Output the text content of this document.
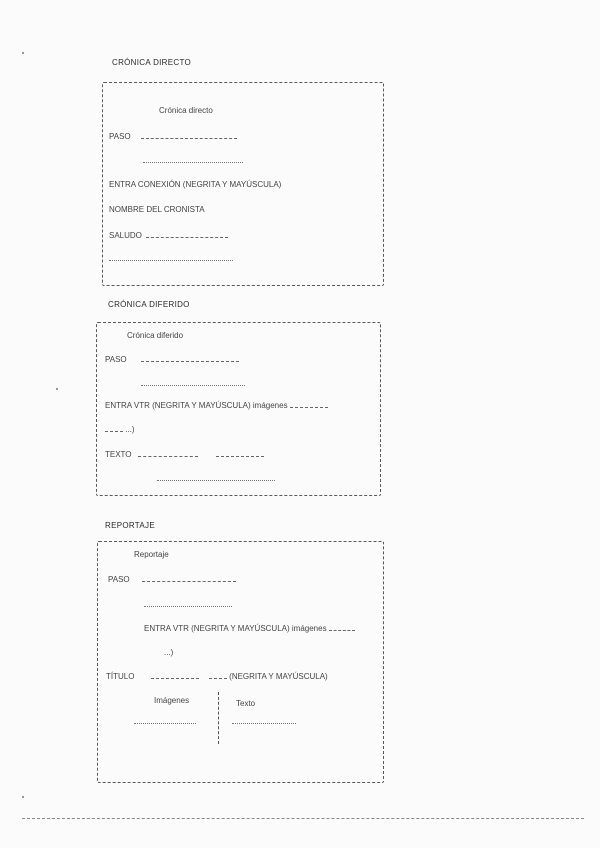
CRÓNICA DIRECTO
Crónica directo
PASO
ENTRA CONEXIÓN (NEGRITA Y MAYÚSCULA)
NOMBRE DEL CRONISTA
SALUDO
CRÓNICA DIFERIDO
Crónica diferido
PASO
ENTRA VTR (NEGRITA Y MAYÚSCULA) imágenes
...)
TEXTO
REPORTAJE
Reportaje
PASO
ENTRA VTR (NEGRITA Y MAYÚSCULA) imágenes
...)
TÍTULO	(NEGRITA Y MAYÚSCULA)
Imágenes	Texto
